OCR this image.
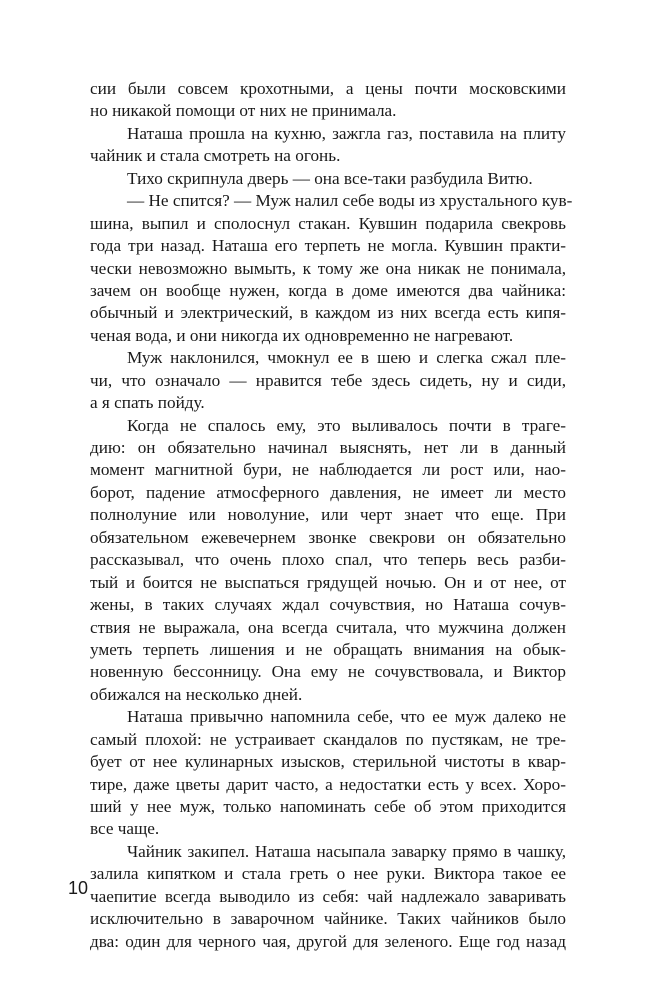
сии были совсем крохотными, а цены почти московскими
но никакой помощи от них не принимала.
Наташа прошла на кухню, зажгла газ, поставила на плиту
чайник и стала смотреть на огонь.
Тихо скрипнула дверь — она все-таки разбудила Витю.
— Не спится? — Муж налил себе воды из хрустального кув-
шина, выпил и сполоснул стакан. Кувшин подарила свекровь
года три назад. Наташа его терпеть не могла. Кувшин практи-
чески невозможно вымыть, к тому же она никак не понимала,
зачем он вообще нужен, когда в доме имеются два чайника:
обычный и электрический, в каждом из них всегда есть кипя-
ченая вода, и они никогда их одновременно не нагревают.
Муж наклонился, чмокнул ее в шею и слегка сжал пле-
чи, что означало — нравится тебе здесь сидеть, ну и сиди,
а я спать пойду.
Когда не спалось ему, это выливалось почти в траге-
дию: он обязательно начинал выяснять, нет ли в данный
момент магнитной бури, не наблюдается ли рост или, нао-
борот, падение атмосферного давления, не имеет ли место
полнолуние или новолуние, или черт знает что еще. При
обязательном ежевечернем звонке свекрови он обязательно
рассказывал, что очень плохо спал, что теперь весь разби-
тый и боится не выспаться грядущей ночью. Он и от нее, от
жены, в таких случаях ждал сочувствия, но Наташа сочув-
ствия не выражала, она всегда считала, что мужчина должен
уметь терпеть лишения и не обращать внимания на обык-
новенную бессонницу. Она ему не сочувствовала, и Виктор
обижался на несколько дней.
Наташа привычно напомнила себе, что ее муж далеко не
самый плохой: не устраивает скандалов по пустякам, не тре-
бует от нее кулинарных изысков, стерильной чистоты в квар-
тире, даже цветы дарит часто, а недостатки есть у всех. Хоро-
ший у нее муж, только напоминать себе об этом приходится
все чаще.
Чайник закипел. Наташа насыпала заварку прямо в чашку,
залила кипятком и стала греть о нее руки. Виктора такое ее
чаепитие всегда выводило из себя: чай надлежало заваривать
исключительно в заварочном чайнике. Таких чайников было
два: один для черного чая, другой для зеленого. Еще год назад
10
